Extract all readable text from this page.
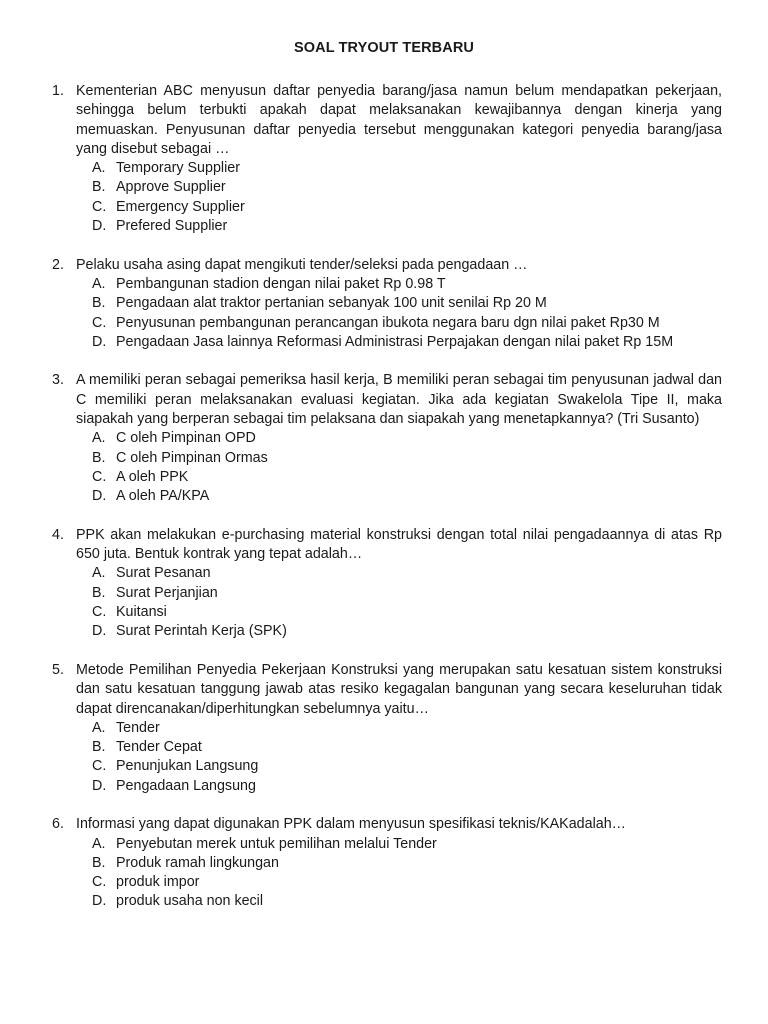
SOAL TRYOUT TERBARU
1. Kementerian ABC menyusun daftar penyedia barang/jasa namun belum mendapatkan pekerjaan, sehingga belum terbukti apakah dapat melaksanakan kewajibannya dengan kinerja yang memuaskan. Penyusunan daftar penyedia tersebut menggunakan kategori penyedia barang/jasa yang disebut sebagai …
A. Temporary Supplier
B. Approve Supplier
C. Emergency Supplier
D. Prefered Supplier
2. Pelaku usaha asing dapat mengikuti tender/seleksi pada pengadaan …
A. Pembangunan stadion dengan nilai paket Rp 0.98 T
B. Pengadaan alat traktor pertanian sebanyak 100 unit senilai Rp 20 M
C. Penyusunan pembangunan perancangan ibukota negara baru dgn nilai paket Rp30 M
D. Pengadaan Jasa lainnya Reformasi Administrasi Perpajakan dengan nilai paket Rp 15M
3. A memiliki peran sebagai pemeriksa hasil kerja, B memiliki peran sebagai tim penyusunan jadwal dan C memiliki peran melaksanakan evaluasi kegiatan. Jika ada kegiatan Swakelola Tipe II, maka siapakah yang berperan sebagai tim pelaksana dan siapakah yang menetapkannya? (Tri Susanto)
A. C oleh Pimpinan OPD
B. C oleh Pimpinan Ormas
C. A oleh PPK
D. A oleh PA/KPA
4. PPK akan melakukan e-purchasing material konstruksi dengan total nilai pengadaannya di atas Rp 650 juta. Bentuk kontrak yang tepat adalah…
A. Surat Pesanan
B. Surat Perjanjian
C. Kuitansi
D. Surat Perintah Kerja (SPK)
5. Metode Pemilihan Penyedia Pekerjaan Konstruksi yang merupakan satu kesatuan sistem konstruksi dan satu kesatuan tanggung jawab atas resiko kegagalan bangunan yang secara keseluruhan tidak dapat direncanakan/diperhitungkan sebelumnya yaitu…
A. Tender
B. Tender Cepat
C. Penunjukan Langsung
D. Pengadaan Langsung
6. Informasi yang dapat digunakan PPK dalam menyusun spesifikasi teknis/KAKadalah…
A. Penyebutan merek untuk pemilihan melalui Tender
B. Produk ramah lingkungan
C. produk impor
D. produk usaha non kecil
